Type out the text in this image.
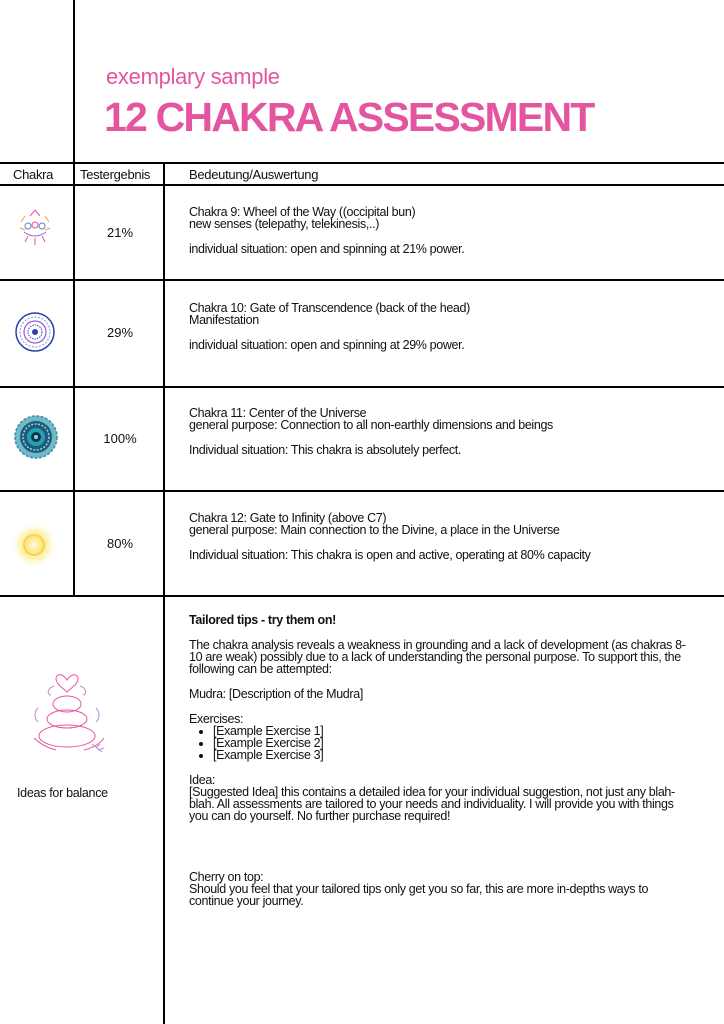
exemplary sample
12 CHAKRA ASSESSMENT
Chakra Testergebnis	Bedeutung/Auswertung
21%

Chakra 9: Wheel of the Way ((occipital bun)

new senses (telepathy, telekinesis,..)

individual situation: open and spinning at 21% power.

29%

Chakra 10: Gate of Transcendence (back of the head)

Manifestation

individual situation: open and spinning at 29% power.

100%

Chakra 11: Center of the Universe

general purpose: Connection to all non-earthly dimensions and beings

Individual situation: This chakra is absolutely perfect.

80%

Chakra 12: Gate to Infinity (above C7)

general purpose: Main connection to the Divine, a place in the Universe

Individual situation: This chakra is open and active, operating at 80% capacity

Ideas for balance

Tailored tips - try them on!

The chakra analysis reveals a weakness in grounding and a lack of development (as chakras 8-10 are weak) possibly due to a lack of understanding the personal purpose. To support this, the following can be attempted:

Mudra: [Description of the Mudra]

Exercises:

• [Example Exercise 1]
• [Example Exercise 2]
• [Example Exercise 3]

Idea:

[Suggested Idea] this contains a detailed idea for your individual suggestion, not just any blah-blah. All assessments are tailored to your needs and individuality. I will provide you with things you can do yourself. No further purchase required!

Cherry on top:

Should you feel that your tailored tips only get you so far, this are more in-depths ways to continue your journey.
